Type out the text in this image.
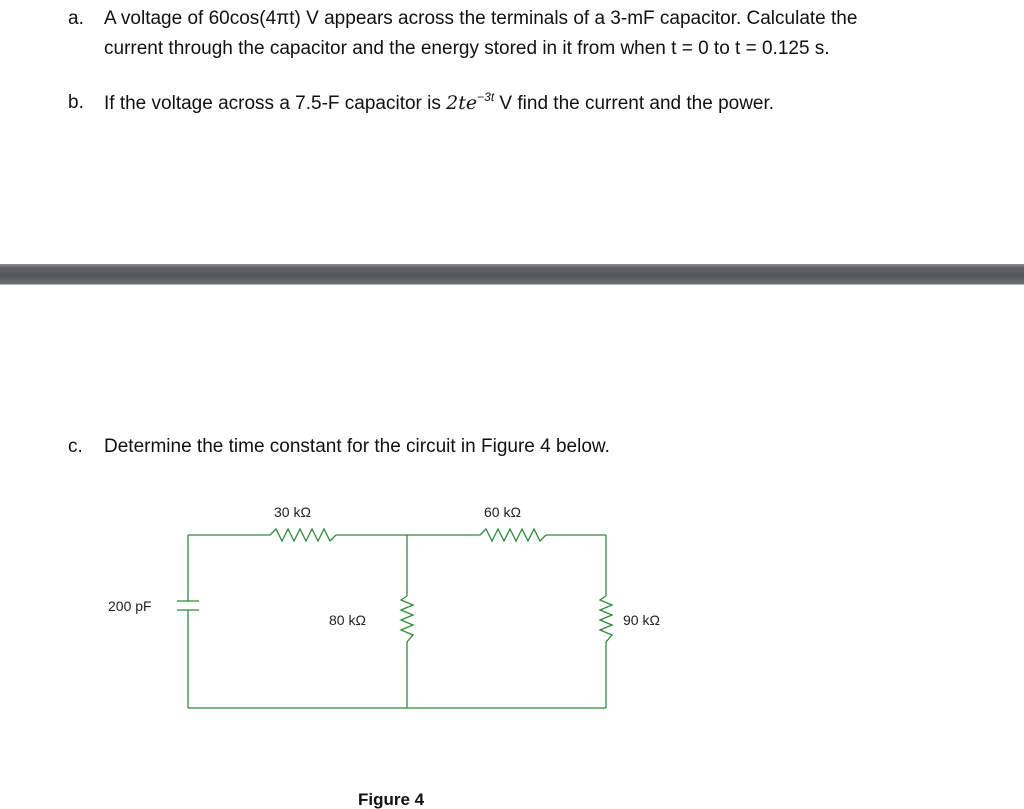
a. A voltage of 60cos(4πt) V appears across the terminals of a 3-mF capacitor. Calculate the
current through the capacitor and the energy stored in it from when t = 0 to t = 0.125 s.
b. If the voltage across a 7.5-F capacitor is $2te^{-3t}$ V find the current and the power.
c. Determine the time constant for the circuit in Figure 4 below.
30 kΩ	60 kΩ
200 pF
80 kΩ	90 kΩ
Figure 4
